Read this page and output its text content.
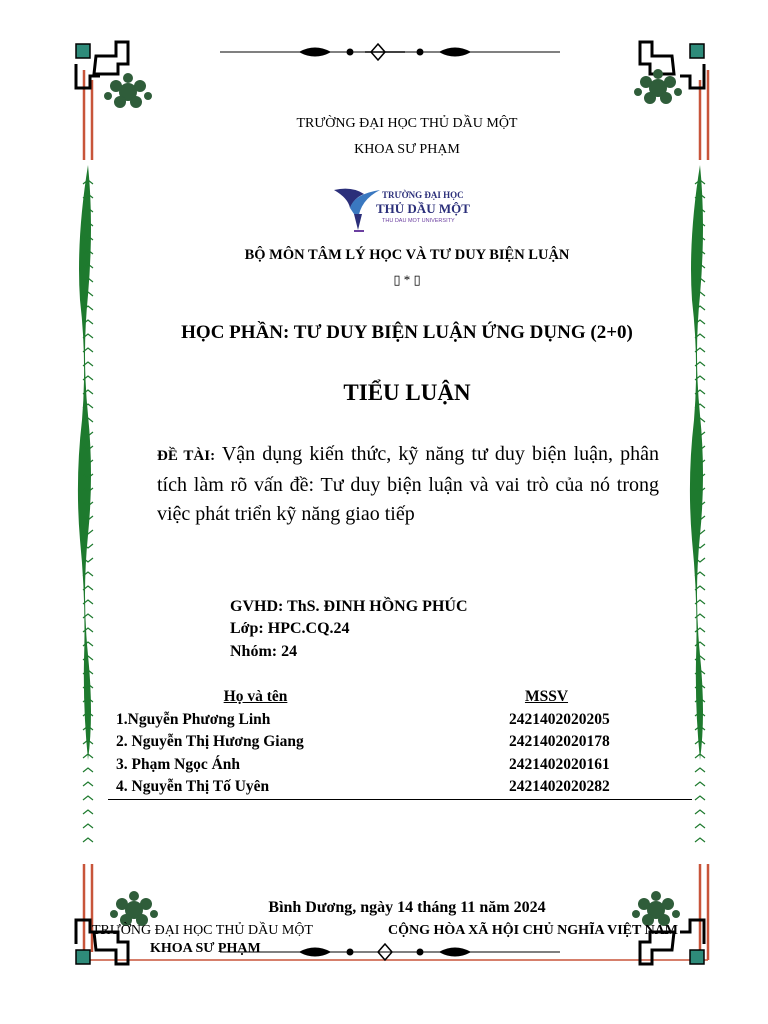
TRƯỜNG ĐẠI HỌC THỦ DẦU MỘT
KHOA SƯ PHẠM
TRƯỜNG ĐẠI HỌC
THỦ DẦU MỘT
THU DAU MOT UNIVERSITY
BỘ MÔN TÂM LÝ HỌC VÀ TƯ DUY BIỆN LUẬN
▯ * ▯
HỌC PHẦN: TƯ DUY BIỆN LUẬN ỨNG DỤNG (2+0)
TIỂU LUẬN
ĐỀ TÀI: Vận dụng kiến thức, kỹ năng tư duy biện luận, phân tích làm rõ vấn đề: Tư duy biện luận và vai trò của nó trong việc phát triển kỹ năng giao tiếp
GVHD: ThS. ĐINH HỒNG PHÚC
Lớp: HPC.CQ.24
Nhóm: 24
Họ và tên	MSSV
1.Nguyễn Phương Linh	2421402020205
2. Nguyễn Thị Hương Giang	2421402020178
3. Phạm Ngọc Ánh	2421402020161
4. Nguyễn Thị Tố Uyên	2421402020282
Bình Dương, ngày 14 tháng 11 năm 2024
TRƯỜNG ĐẠI HỌC THỦ DẦU MỘT	CỘNG HÒA XÃ HỘI CHỦ NGHĨA VIỆT NAM
KHOA SƯ PHẠM
